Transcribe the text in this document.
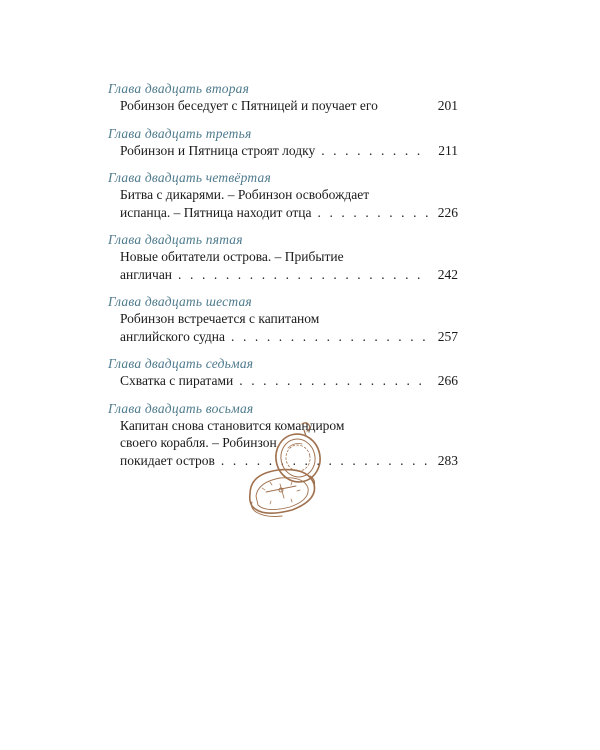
Глава двадцать вторая
Робинзон беседует с Пятницей и поучает его	201
Глава двадцать третья
Робинзон и Пятница строят лодку . . .	211
Глава двадцать четвёртая
Битва с дикарями. – Робинзон освобождает
испанца. – Пятница находит отца . . .	226
Глава двадцать пятая
Новые обитатели острова. – Прибытие
англичан . . .	242
Глава двадцать шестая
Робинзон встречается с капитаном
английского судна . . .	257
Глава двадцать седьмая
Схватка с пиратами . . .	266
Глава двадцать восьмая
Капитан снова становится командиром
своего корабля. – Робинзон
покидает остров . . .	283
